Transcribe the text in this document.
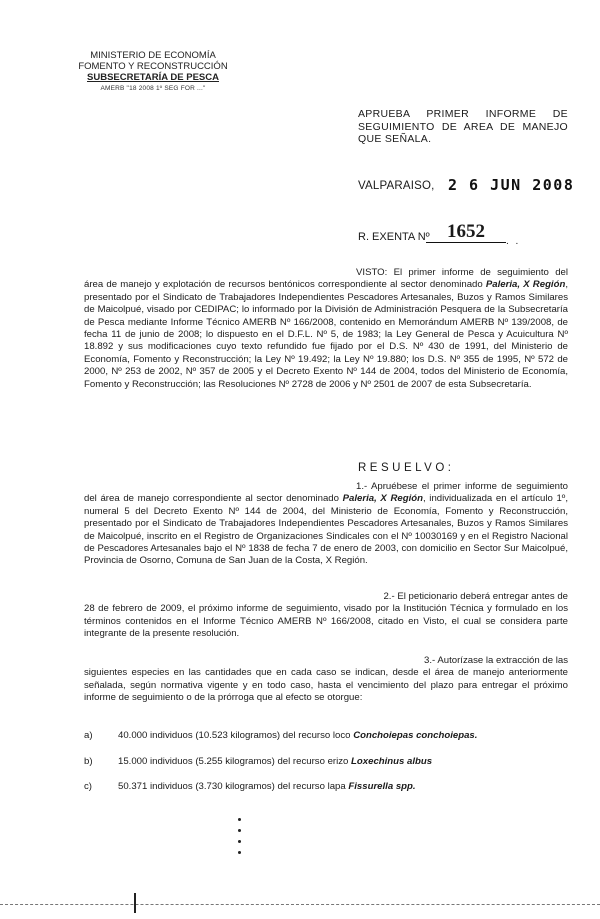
MINISTERIO DE ECONOMÍA
FOMENTO Y RECONSTRUCCIÓN
SUBSECRETARÍA DE PESCA
AMERB "18 2008 1º SEG FOR ..."
APRUEBA PRIMER INFORME DE SEGUIMIENTO DE AREA DE MANEJO QUE SEÑALA.
VALPARAISO, 2 6 JUN 2008
R. EXENTA Nº 1652	. .
VISTO: El primer informe de seguimiento del área de manejo y explotación de recursos bentónicos correspondiente al sector denominado Paleria, X Región, presentado por el Sindicato de Trabajadores Independientes Pescadores Artesanales, Buzos y Ramos Similares de Maicolpué, visado por CEDIPAC; lo informado por la División de Administración Pesquera de la Subsecretaría de Pesca mediante Informe Técnico AMERB Nº 166/2008, contenido en Memorándum AMERB Nº 139/2008, de fecha 11 de junio de 2008; lo dispuesto en el D.F.L. Nº 5, de 1983; la Ley General de Pesca y Acuicultura Nº 18.892 y sus modificaciones cuyo texto refundido fue fijado por el D.S. Nº 430 de 1991, del Ministerio de Economía, Fomento y Reconstrucción; la Ley Nº 19.492; la Ley Nº 19.880; los D.S. Nº 355 de 1995, Nº 572 de 2000, Nº 253 de 2002, Nº 357 de 2005 y el Decreto Exento Nº 144 de 2004, todos del Ministerio de Economía, Fomento y Reconstrucción; las Resoluciones Nº 2728 de 2006 y Nº 2501 de 2007 de esta Subsecretaría.
RESUELVO:
1.- Apruébese el primer informe de seguimiento del área de manejo correspondiente al sector denominado Paleria, X Región, individualizada en el artículo 1º, numeral 5 del Decreto Exento Nº 144 de 2004, del Ministerio de Economía, Fomento y Reconstrucción, presentado por el Sindicato de Trabajadores Independientes Pescadores Artesanales, Buzos y Ramos Similares de Maicolpué, inscrito en el Registro de Organizaciones Sindicales con el Nº 10030169 y en el Registro Nacional de Pescadores Artesanales bajo el Nº 1838 de fecha 7 de enero de 2003, con domicilio en Sector Sur Maicolpué, Provincia de Osorno, Comuna de San Juan de la Costa, X Región.
2.- El peticionario deberá entregar antes de
28 de febrero de 2009, el próximo informe de seguimiento, visado por la Institución Técnica y formulado en los términos contenidos en el Informe Técnico AMERB Nº 166/2008, citado en Visto, el cual se considera parte integrante de la presente resolución.
3.- Autorízase la extracción de las
siguientes especies en las cantidades que en cada caso se indican, desde el área de manejo anteriormente señalada, según normativa vigente y en todo caso, hasta el vencimiento del plazo para entregar el próximo informe de seguimiento o de la prórroga que al efecto se otorgue:
a)	40.000 individuos (10.523 kilogramos) del recurso loco Conchoiepas conchoiepas.
b)	15.000 individuos (5.255 kilogramos) del recurso erizo Loxechinus albus
c)	50.371 individuos (3.730 kilogramos) del recurso lapa Fissurella spp.
